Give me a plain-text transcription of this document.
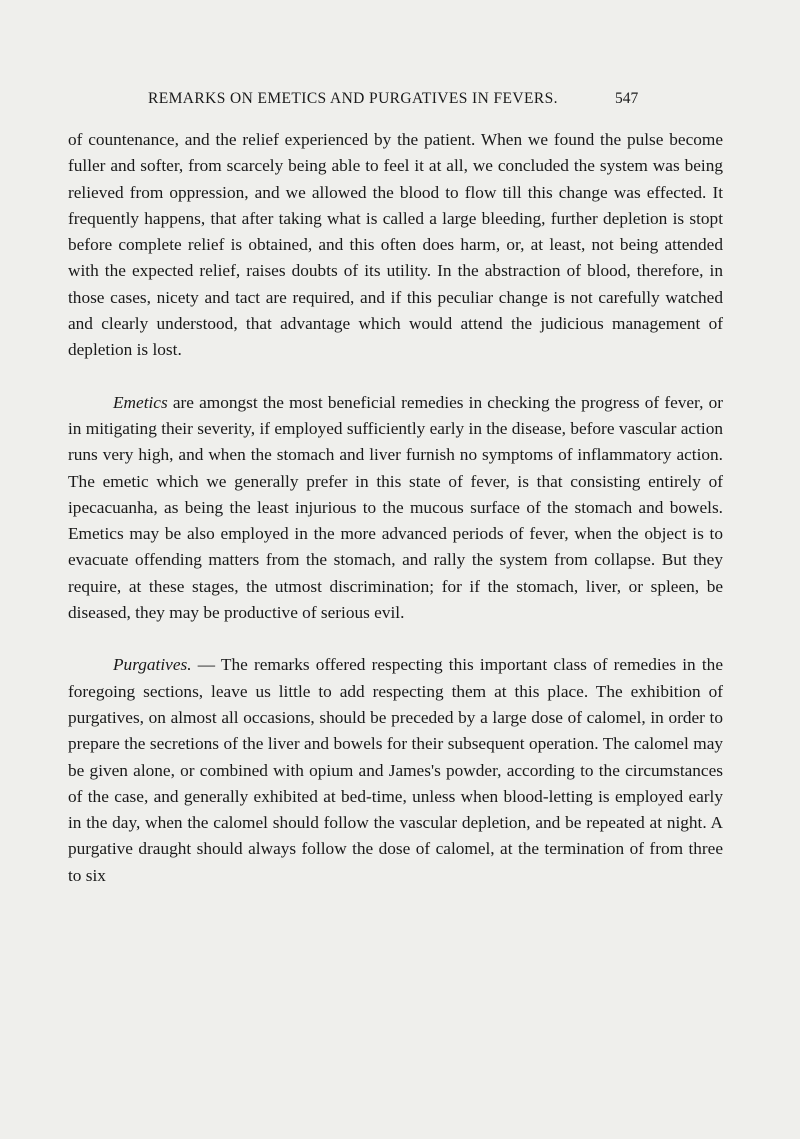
REMARKS ON EMETICS AND PURGATIVES IN FEVERS.	547

of countenance, and the relief experienced by the patient. When we found the pulse become fuller and softer, from scarcely being able to feel it at all, we concluded the system was being relieved from oppression, and we allowed the blood to flow till this change was effected. It frequently happens, that after taking what is called a large bleeding, further depletion is stopt before complete relief is obtained, and this often does harm, or, at least, not being attended with the expected relief, raises doubts of its utility. In the abstraction of blood, therefore, in those cases, nicety and tact are required, and if this peculiar change is not carefully watched and clearly understood, that advantage which would attend the judicious management of depletion is lost.

Emetics are amongst the most beneficial remedies in checking the progress of fever, or in mitigating their severity, if employed sufficiently early in the disease, before vascular action runs very high, and when the stomach and liver furnish no symptoms of inflammatory action. The emetic which we generally prefer in this state of fever, is that consisting entirely of ipecacuanha, as being the least injurious to the mucous surface of the stomach and bowels. Emetics may be also employed in the more advanced periods of fever, when the object is to evacuate offending matters from the stomach, and rally the system from collapse. But they require, at these stages, the utmost discrimination; for if the stomach, liver, or spleen, be diseased, they may be productive of serious evil.

Purgatives. — The remarks offered respecting this important class of remedies in the foregoing sections, leave us little to add respecting them at this place. The exhibition of purgatives, on almost all occasions, should be preceded by a large dose of calomel, in order to prepare the secretions of the liver and bowels for their subsequent operation. The calomel may be given alone, or combined with opium and James's powder, according to the circumstances of the case, and generally exhibited at bed-time, unless when blood-letting is employed early in the day, when the calomel should follow the vascular depletion, and be repeated at night. A purgative draught should always follow the dose of calomel, at the termination of from three to six
